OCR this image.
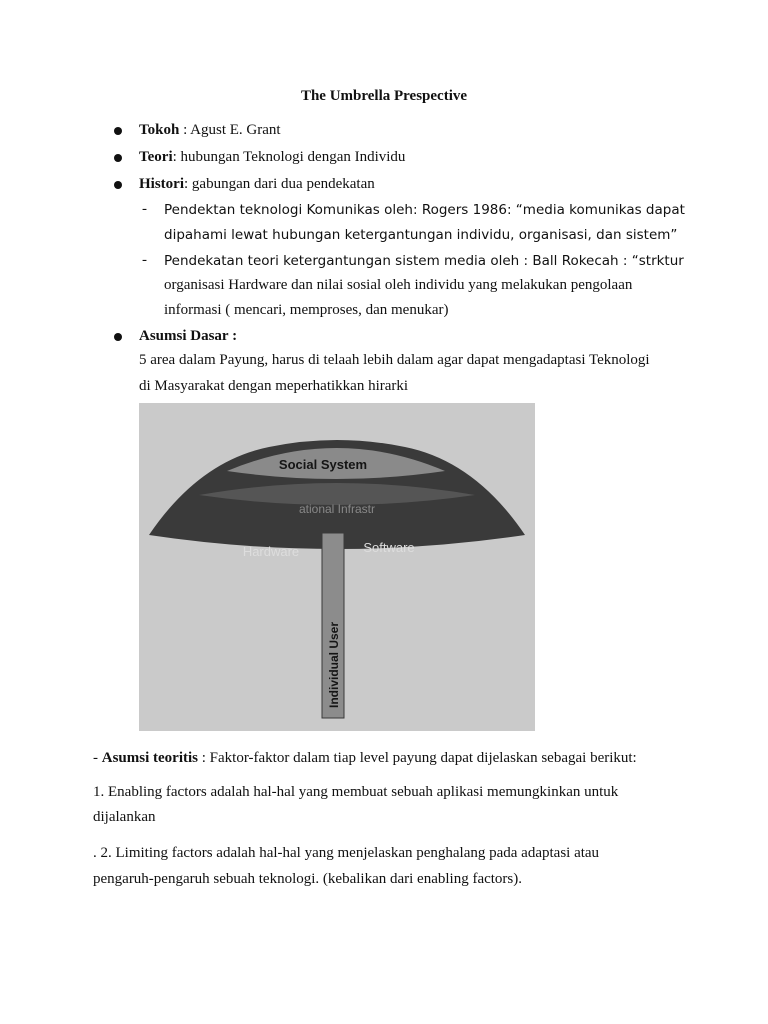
The Umbrella Prespective
Tokoh : Agust E. Grant
Teori: hubungan Teknologi dengan Individu
Histori: gabungan dari dua pendekatan
- Pendektan teknologi Komunikas oleh: Rogers 1986: “media komunikas dapat
dipahami lewat hubungan ketergantungan individu, organisasi, dan sistem”
- Pendekatan teori ketergantungan sistem media oleh : Ball Rokecah : “strktur
organisasi Hardware dan nilai sosial oleh individu yang melakukan pengolaan
informasi ( mencari, memproses, dan menukar)
Asumsi Dasar :
5 area dalam Payung, harus di telaah lebih dalam agar dapat mengadaptasi Teknologi
di Masyarakat dengan meperhatikkan hirarki
Social System
ational Infrastr
Hardware	Software
Individual User
- Asumsi teoritis : Faktor-faktor dalam tiap level payung dapat dijelaskan sebagai berikut:
1. Enabling factors adalah hal-hal yang membuat sebuah aplikasi memungkinkan untuk
dijalankan
. 2. Limiting factors adalah hal-hal yang menjelaskan penghalang pada adaptasi atau
pengaruh-pengaruh sebuah teknologi. (kebalikan dari enabling factors).
